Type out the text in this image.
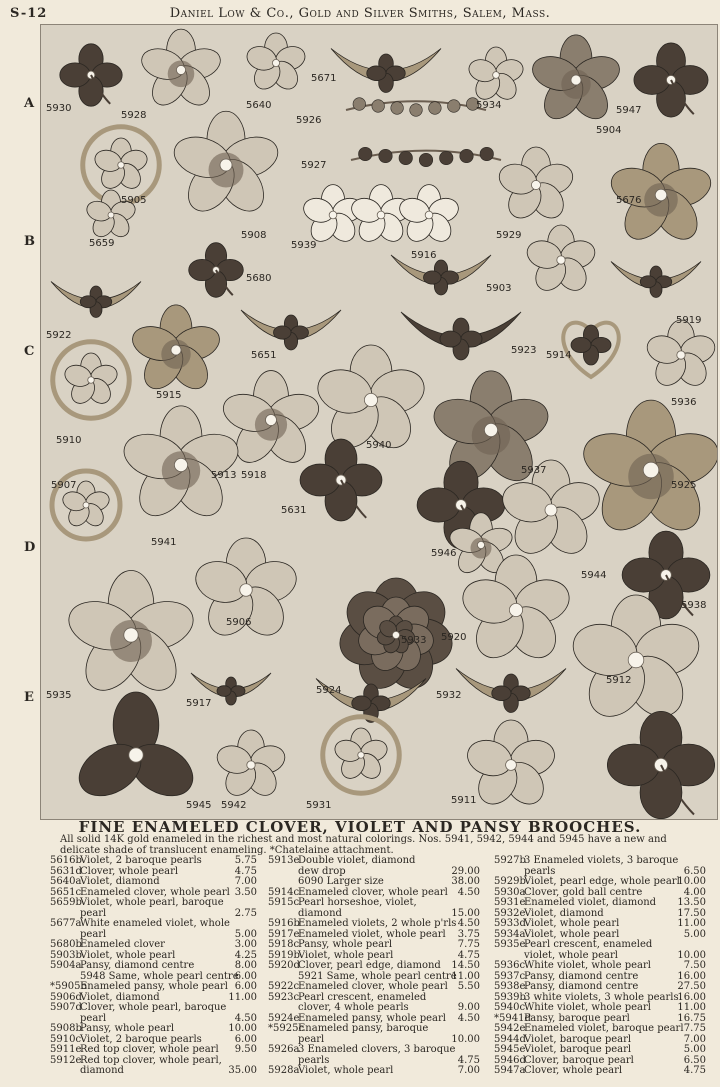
S-12	Daniel Low & Co., Gold and Silver Smiths, Salem, Mass.
A
B
C
D
E
5930
5928
5640
5671
5934
5904
5947
5926
5905
5927
5659
5908
5939
5916
5929
5676
5680
5922
5651
5903
5923 5914
5919
5915
5936
5910	5940
5918	5937
5907
5631
5925
5941
5946
5944
5906
5913
5933 5920
5938
5935
5917
5924	5932
5912
5945 5942	5931	5911
FINE ENAMELED CLOVER, VIOLET AND PANSY BROOCHES.
All solid 14K gold enameled in the richest and most natural colorings. Nos. 5941, 5942, 5944 and 5945 have a new and delicate shade of translucent enameling. *Chatelaine attachment.
5616bViolet, 2 baroque pearls	5.75
5631dClover, whole pearl	4.75
5640aViolet, diamond	7.00
5651cEnameled clover, whole pearl 3.50
5659bViolet, whole pearl, baroque
pearl	2.75
5677aWhite enameled violet, whole
pearl	5.00
5680bEnameled clover	3.00
5903bViolet, whole pearl	4.25
5904aPansy, diamond centre	8.00
5948 Same, whole pearl centre
6.00
*5905bEnameled pansy, whole pearl 6.00
5906dViolet, diamond	11.00
5907dClover, whole pearl, baroque
pearl	4.50
5908bPansy, whole pearl	10.00
5910cViolet, 2 baroque pearls	6.00
5911eRed top clover, whole pearl 9.50
5912eRed top clover, whole pearl,
diamond	35.00
5913eDouble violet, diamond
dew drop	29.00
6090 Larger size	38.00
5914cEnameled clover, whole pearl 4.50
5915cPearl horseshoe, violet,
diamond	15.00
5916bEnameled violets, 2 whole p'rls 4.50
5917eEnameled violet, whole pearl 3.75
5918cPansy, whole pearl	7.75
5919bViolet, whole pearl	4.75
5920dClover, pearl edge, diamond 14.50
5921 Same, whole pearl centre
11.00
5922cEnameled clover, whole pearl 5.50
5923cPearl crescent, enameled
clover, 4 whole pearls	9.00
5924eEnameled pansy, whole pearl 4.50
*5925cEnameled pansy, baroque
pearl	10.00
5926a3 Enameled clovers, 3 baroque
pearls	4.75
5928aViolet, whole pearl	7.00
5927b3 Enameled violets, 3 baroque
pearls	6.50
5929bViolet, pearl edge, whole pearl
10.00
5930aClover, gold ball centre	4.00
5931eEnameled violet, diamond 13.50
5932eViolet, diamond	17.50
5933dViolet, whole pearl	11.00
5934aViolet, whole pearl	5.00
5935ePearl crescent, enameled
violet, whole pearl	10.00
5936cWhite violet, whole pearl	7.50
5937cPansy, diamond centre	16.00
5938ePansy, diamond centre	27.50
5939b3 white violets, 3 whole pearls
16.00
5940cWhite violet, whole pearl	11.00
*5941dPansy, baroque pearl	16.75
5942eEnameled violet, baroque pearl 7.75
5944dViolet, baroque pearl	7.00
5945eViolet, baroque pearl	5.00
5946dClover, baroque pearl	6.50
5947aClover, whole pearl	4.75
